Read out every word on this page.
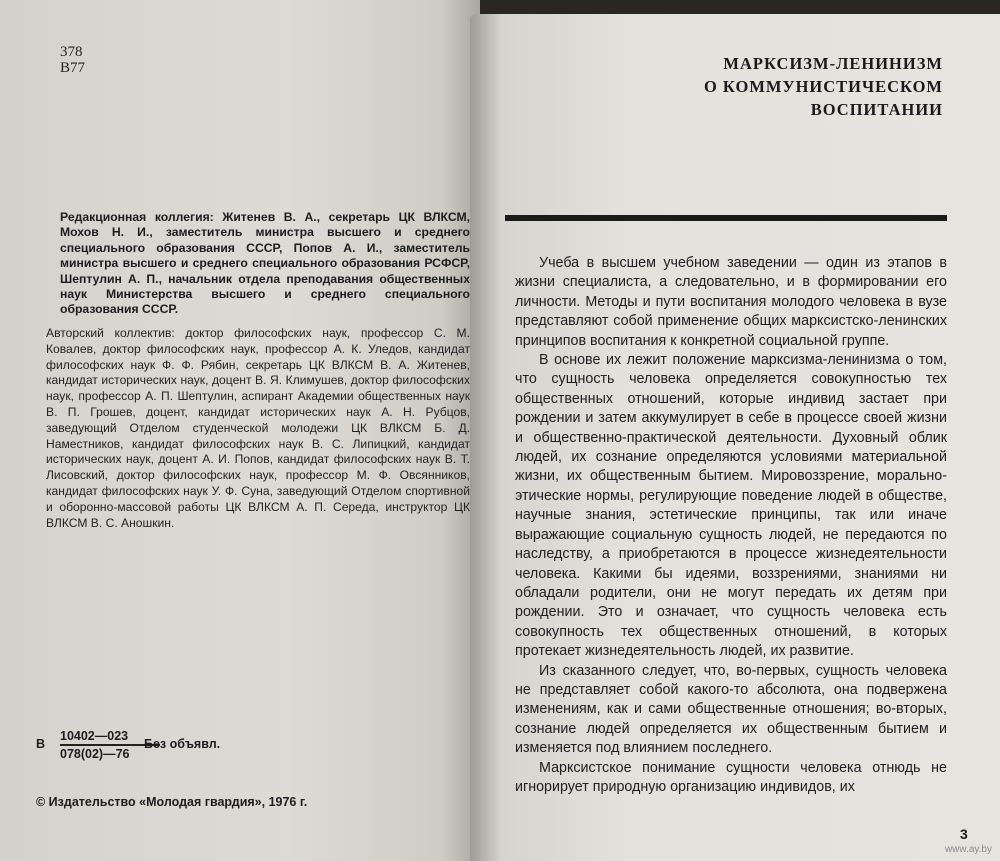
378
B77
Редакционная коллегия: Житенев В. А., секретарь ЦК ВЛКСМ, Мохов Н. И., заместитель министра высшего и среднего специального образования СССР, Попов А. И., заместитель министра высшего и среднего специального образования РСФСР, Шептулин А. П., начальник отдела преподавания общественных наук Министерства высшего и среднего специального образования СССР.
Авторский коллектив: доктор философских наук, профессор С. М. Ковалев, доктор философских наук, профессор А. К. Уледов, кандидат философских наук Ф. Ф. Рябин, секретарь ЦК ВЛКСМ В. А. Житенев, кандидат исторических наук, доцент В. Я. Климушев, доктор философских наук, профессор А. П. Шептулин, аспирант Академии общественных наук В. П. Грошев, доцент, кандидат исторических наук А. Н. Рубцов, заведующий Отделом студенческой молодежи ЦК ВЛКСМ Б. Д. Наместников, кандидат философских наук В. С. Липицкий, кандидат исторических наук, доцент А. И. Попов, кандидат философских наук В. Т. Лисовский, доктор философских наук, профессор М. Ф. Овсянников, кандидат философских наук У. Ф. Суна, заведующий Отделом спортивной и оборонно-массовой работы ЦК ВЛКСМ А. П. Середа, инструктор ЦК ВЛКСМ В. С. Аношкин.
В
10402—023
078(02)—76
Без объявл.
© Издательство «Молодая гвардия», 1976 г.
МАРКСИЗМ-ЛЕНИНИЗМ
О КОММУНИСТИЧЕСКОМ
ВОСПИТАНИИ

Учеба в высшем учебном заведении — один из этапов в жизни специалиста, а следовательно, и в формировании его личности. Методы и пути воспитания молодого человека в вузе представляют собой применение общих марксистско-ленинских принципов воспитания к конкретной социальной группе.

В основе их лежит положение марксизма-ленинизма о том, что сущность человека определяется совокупностью тех общественных отношений, которые индивид застает при рождении и затем аккумулирует в себе в процессе своей жизни и общественно-практической деятельности. Духовный облик людей, их сознание определяются условиями материальной жизни, их общественным бытием. Мировоззрение, морально-этические нормы, регулирующие поведение людей в обществе, научные знания, эстетические принципы, так или иначе выражающие социальную сущность людей, не передаются по наследству, а приобретаются в процессе жизнедеятельности человека. Какими бы идеями, воззрениями, знаниями ни обладали родители, они не могут передать их детям при рождении. Это и означает, что сущность человека есть совокупность тех общественных отношений, в которых протекает жизнедеятельность людей, их развитие.

Из сказанного следует, что, во-первых, сущность человека не представляет собой какого-то абсолюта, она подвержена изменениям, как и сами общественные отношения; во-вторых, сознание людей определяется их общественным бытием и изменяется под влиянием последнего.

Марксистское понимание сущности человека отнюдь не игнорирует природную организацию индивидов, их

3
www.ay.by
